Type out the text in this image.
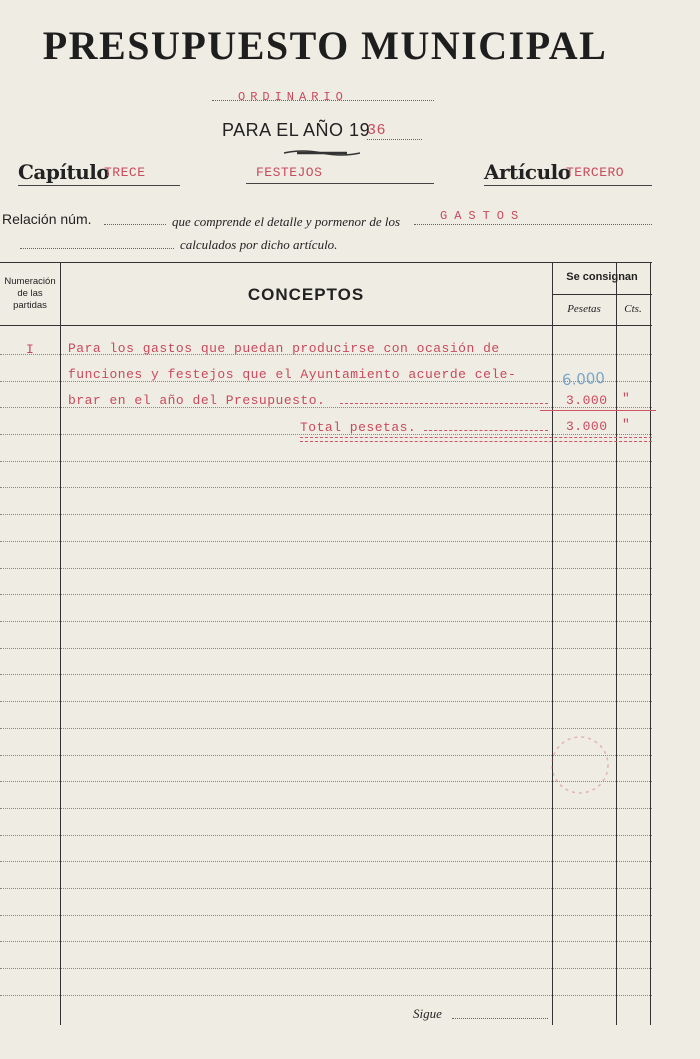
PRESUPUESTO MUNICIPAL
ORDINARIO
PARA EL AÑO 19
36
Capítulo
TRECE	FESTEJOS	Artículo
TERCERO
Relación núm.	que comprende el detalle y pormenor de los	GASTOS
calculados por dicho artículo.
Numeración de las partidas
CONCEPTOS
Se consignan
Pesetas	Cts.
I	Para los gastos que puedan producirse con ocasión de
funciones y festejos que el Ayuntamiento acuerde cele-
brar en el año del Presupuesto.
6.000
3.000 "
Total pesetas.	3.000 "
Sigue
